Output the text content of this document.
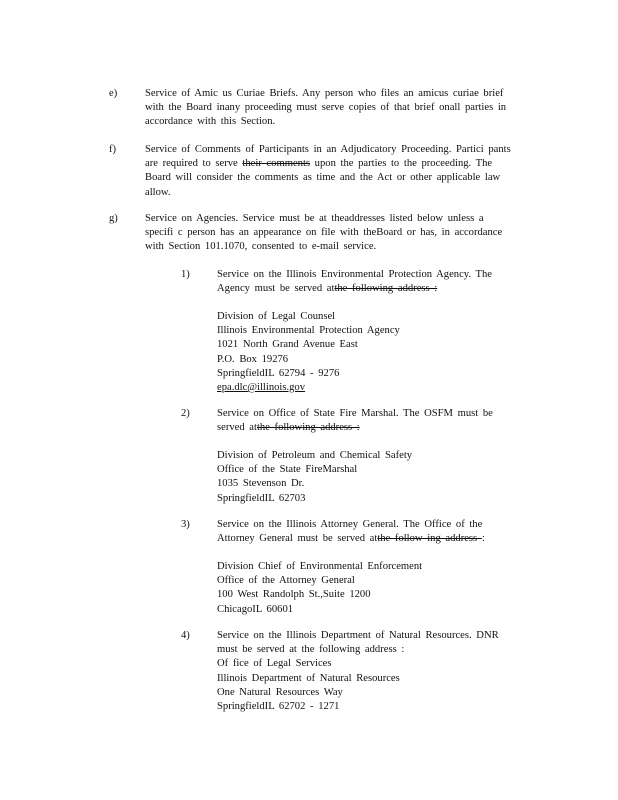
e)	Service of Amic us Curiae Briefs. Any person who files an amicus curiae brief
with the Board inany proceeding must serve copies of that brief onall parties in
accordance with this Section.
f)	Service of Comments of Participants in an Adjudicatory Proceeding. Partici pants
are required to serve their comments upon the parties to the proceeding. The
Board will consider the comments as time and the Act or other applicable law
allow.
g)	Service on Agencies. Service must be at theaddresses listed below unless a
specifi c person has an appearance on file with theBoard or has, in accordance
with Section 101.1070, consented to e-mail service.
1)	Service on the Illinois Environmental Protection Agency. The
Agency must be served atthe following address :
Division of Legal Counsel
Illinois Environmental Protection Agency
1021 North Grand Avenue East
P.O. Box 19276
SpringfieldIL 62794 - 9276
epa.dlc@illinois.gov
2)	Service on Office of State Fire Marshal. The OSFM must be
served atthe following address :
Division of Petroleum and Chemical Safety
Office of the State FireMarshal
1035 Stevenson Dr.
SpringfieldIL 62703
3)	Service on the Illinois Attorney General. The Office of the
Attorney General must be served atthe follow ing address :
Division Chief of Environmental Enforcement
Office of the Attorney General
100 West Randolph St.,Suite 1200
ChicagoIL 60601
4)	Service on the Illinois Department of Natural Resources. DNR
must be served at the following address :
Of fice of Legal Services
Illinois Department of Natural Resources
One Natural Resources Way
SpringfieldIL 62702 - 1271
